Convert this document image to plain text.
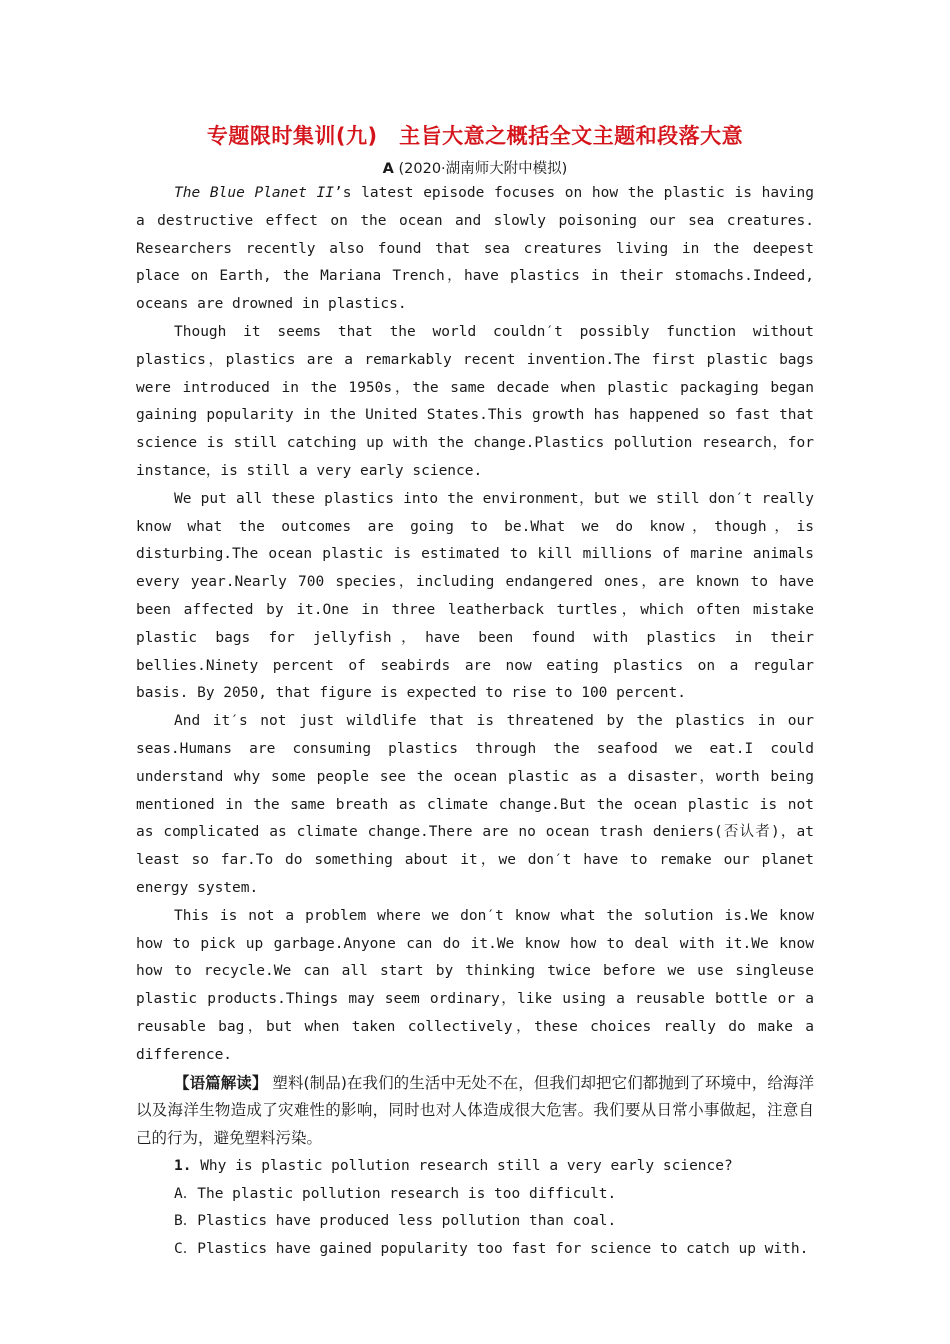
专题限时集训(九)　主旨大意之概括全文主题和段落大意
A (2020·湖南师大附中模拟)

The Blue Planet II’s latest episode focuses on how the plastic is having a destructive effect on the ocean and slowly poisoning our sea creatures. Researchers recently also found that sea creatures living in the deepest place on Earth, the Mariana Trench，have plastics in their stomachs.Indeed, oceans are drowned in plastics.

Though it seems that the world couldn′t possibly function without plastics，plastics are a remarkably recent invention.The first plastic bags were introduced in the 1950s，the same decade when plastic packaging began gaining popularity in the United States.This growth has happened so fast that science is still catching up with the change.Plastics pollution research，for instance，is still a very early science.

We put all these plastics into the environment，but we still don′t really know what the outcomes are going to be.What we do know，though，is disturbing.The ocean plastic is estimated to kill millions of marine animals every year.Nearly 700 species，including endangered ones，are known to have been affected by it.One in three leatherback turtles，which often mistake plastic bags for jellyfish，have been found with plastics in their bellies.Ninety percent of seabirds are now eating plastics on a regular basis. By 2050, that figure is expected to rise to 100 percent.

And it′s not just wildlife that is threatened by the plastics in our seas.Humans are consuming plastics through the seafood we eat.I could understand why some people see the ocean plastic as a disaster，worth being mentioned in the same breath as climate change.But the ocean plastic is not as complicated as climate change.There are no ocean trash deniers(否认者)，at least so far.To do something about it，we don′t have to remake our planet energy system.

This is not a problem where we don′t know what the solution is.We know how to pick up garbage.Anyone can do it.We know how to deal with it.We know how to recycle.We can all start by thinking twice before we use singleuse plastic products.Things may seem ordinary，like using a reusable bottle or a reusable bag，but when taken collectively，these choices really do make a difference.

【语篇解读】 塑料(制品)在我们的生活中无处不在，但我们却把它们都抛到了环境中，给海洋以及海洋生物造成了灾难性的影响，同时也对人体造成很大危害。我们要从日常小事做起，注意自己的行为，避免塑料污染。

1. Why is plastic pollution research still a very early science?

A．The plastic pollution research is too difficult.

B．Plastics have produced less pollution than coal.

C．Plastics have gained popularity too fast for science to catch up with.
